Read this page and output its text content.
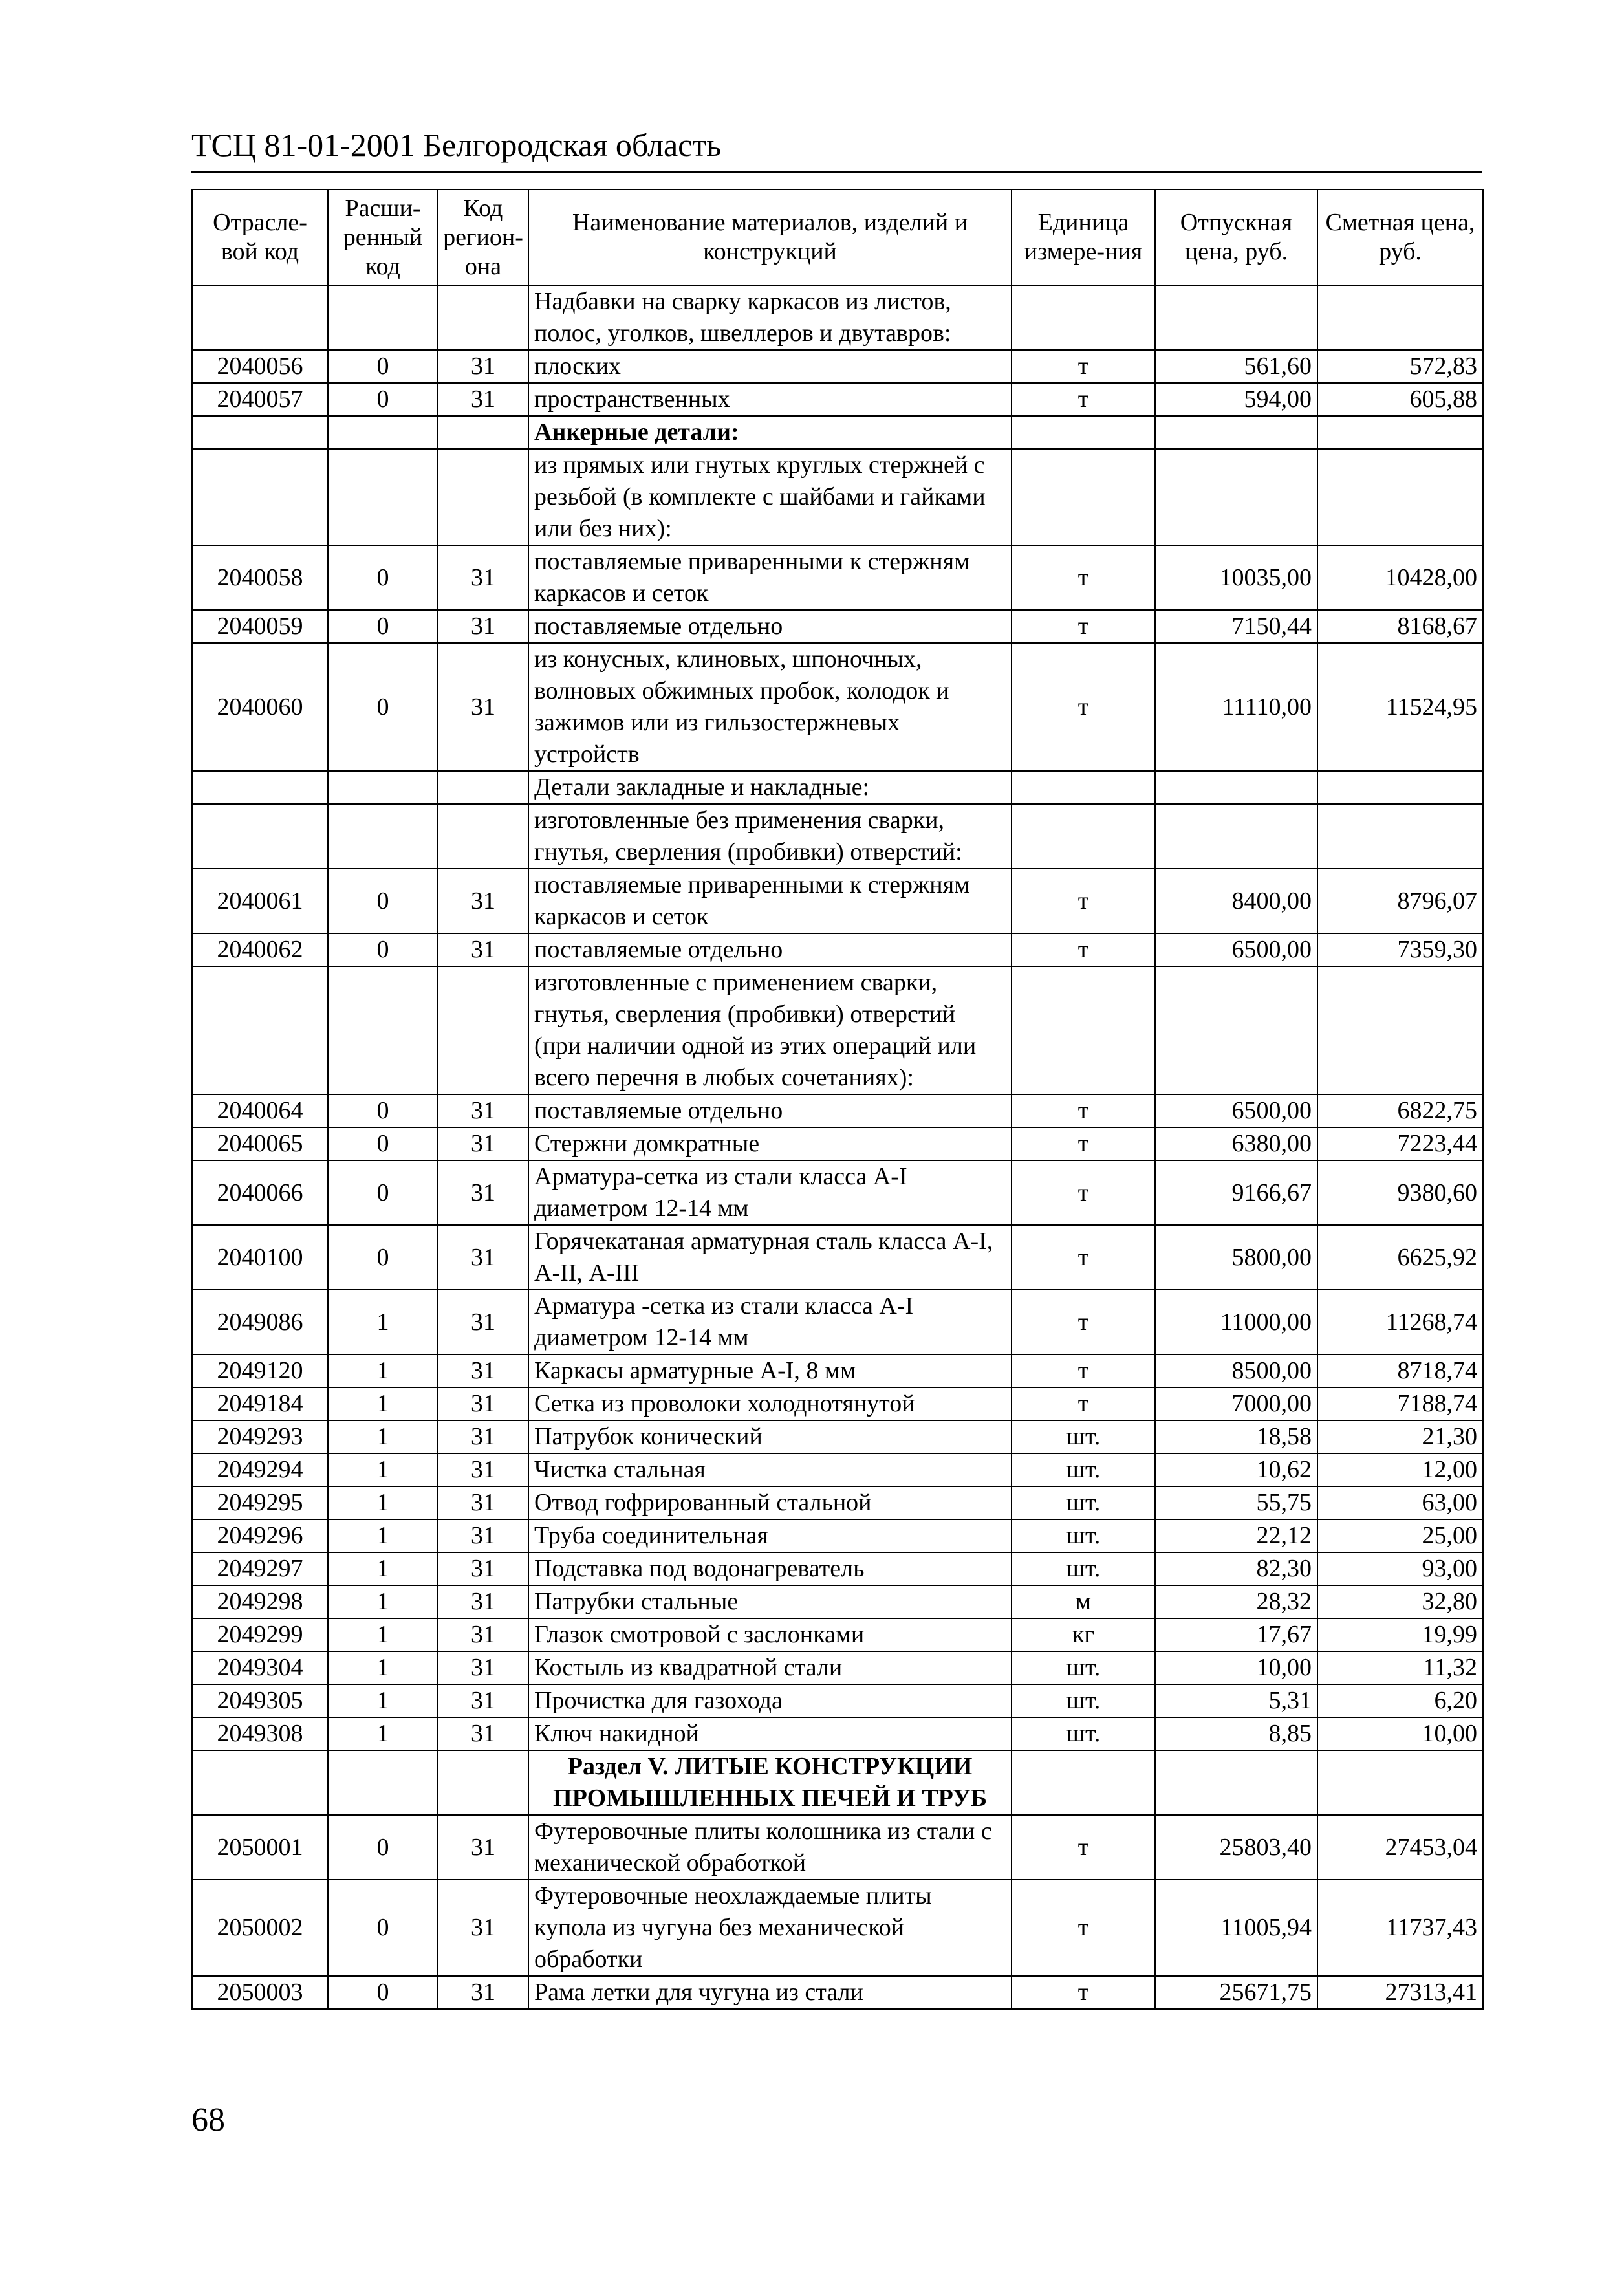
ТСЦ 81-01-2001 Белгородская область
Отрасле-вой код	Расши-ренный код	Код регион-она	Наименование материалов, изделий и конструкций	Единица измере-ния	Отпускная цена, руб.	Сметная цена, руб.
			Надбавки на сварку каркасов из листов, полос, уголков, швеллеров и двутавров:			
2040056	0	31	плоских	т	561,60	572,83
2040057	0	31	пространственных	т	594,00	605,88
			Анкерные детали:			
			из прямых или гнутых круглых стержней с резьбой (в комплекте с шайбами и гайками или без них):			
2040058	0	31	поставляемые приваренными к стержням каркасов и сеток	т	10035,00	10428,00
2040059	0	31	поставляемые отдельно	т	7150,44	8168,67
2040060	0	31	из конусных, клиновых, шпоночных, волновых обжимных пробок, колодок и зажимов или из гильзостержневых устройств	т	11110,00	11524,95
			Детали закладные и накладные:			
			изготовленные без применения сварки, гнутья, сверления (пробивки) отверстий:			
2040061	0	31	поставляемые приваренными к стержням каркасов и сеток	т	8400,00	8796,07
2040062	0	31	поставляемые отдельно	т	6500,00	7359,30
			изготовленные с применением сварки, гнутья, сверления (пробивки) отверстий (при наличии одной из этих операций или всего перечня в любых сочетаниях):			
2040064	0	31	поставляемые отдельно	т	6500,00	6822,75
2040065	0	31	Стержни домкратные	т	6380,00	7223,44
2040066	0	31	Арматура-сетка из стали класса А-I диаметром 12-14 мм	т	9166,67	9380,60
2040100	0	31	Горячекатаная арматурная сталь класса А-I, А-II, А-III	т	5800,00	6625,92
2049086	1	31	Арматура -сетка из стали класса А-I диаметром 12-14 мм	т	11000,00	11268,74
2049120	1	31	Каркасы арматурные А-I, 8 мм	т	8500,00	8718,74
2049184	1	31	Сетка из проволоки холоднотянутой	т	7000,00	7188,74
2049293	1	31	Патрубок конический	шт.	18,58	21,30
2049294	1	31	Чистка стальная	шт.	10,62	12,00
2049295	1	31	Отвод гофрированный стальной	шт.	55,75	63,00
2049296	1	31	Труба соединительная	шт.	22,12	25,00
2049297	1	31	Подставка под водонагреватель	шт.	82,30	93,00
2049298	1	31	Патрубки стальные	м	28,32	32,80
2049299	1	31	Глазок смотровой с заслонками	кг	17,67	19,99
2049304	1	31	Костыль из квадратной стали	шт.	10,00	11,32
2049305	1	31	Прочистка для газохода	шт.	5,31	6,20
2049308	1	31	Ключ накидной	шт.	8,85	10,00
			Раздел V. ЛИТЫЕ КОНСТРУКЦИИ ПРОМЫШЛЕННЫХ ПЕЧЕЙ И ТРУБ			
2050001	0	31	Футеровочные плиты колошника из стали с механической обработкой	т	25803,40	27453,04
2050002	0	31	Футеровочные неохлаждаемые плиты купола из чугуна без механической обработки	т	11005,94	11737,43
2050003	0	31	Рама летки для чугуна из стали	т	25671,75	27313,41
68
